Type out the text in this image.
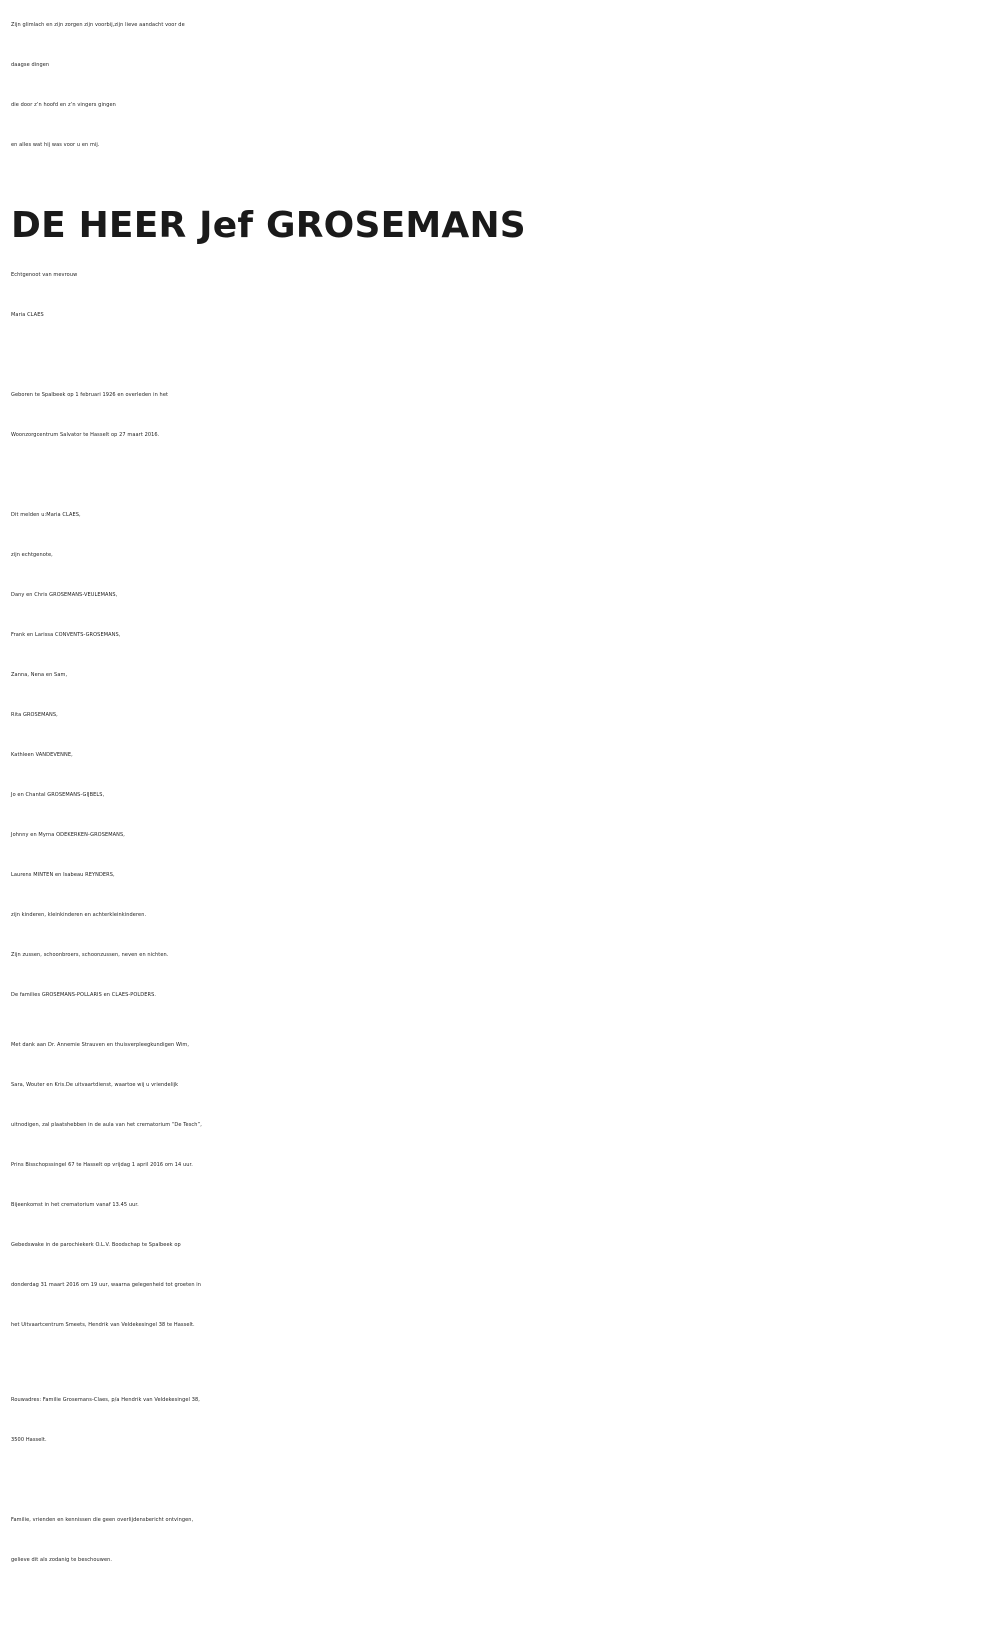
Zijn glimlach en zijn zorgen zijn voorbij,zijn lieve aandacht voor de
daagse dingen
die door z’n hoofd en z’n vingers gingen
en alles wat hij was voor u en mij.
DE HEER Jef GROSEMANS
Echtgenoot van mevrouw
Maria CLAES
Geboren te Spalbeek op 1 februari 1926 en overleden in het
Woonzorgcentrum Salvator te Hasselt op 27 maart 2016.
Dit melden u:Maria CLAES,
zijn echtgenote,
Dany en Chris GROSEMANS-VEULEMANS,
Frank en Larissa CONVENTS-GROSEMANS,
Zanna, Nena en Sam,
Rita GROSEMANS,
Kathleen VANDEVENNE,
Jo en Chantal GROSEMANS-GIJBELS,
Johnny en Myrna ODEKERKEN-GROSEMANS,
Laurens MINTEN en Isabeau REYNDERS,
zijn kinderen, kleinkinderen en achterkleinkinderen.
Zijn zussen, schoonbroers, schoonzussen, neven en nichten.
De families GROSEMANS-POLLARIS en CLAES-POLDERS.
Met dank aan Dr. Annemie Strauven en thuisverpleegkundigen Wim,
Sara, Wouter en Kris.De uitvaartdienst, waartoe wij u vriendelijk
uitnodigen, zal plaatshebben in de aula van het crematorium “De Tesch”,
Prins Bisschopssingel 67 te Hasselt op vrijdag 1 april 2016 om 14 uur.
Bijeenkomst in het crematorium vanaf 13.45 uur.
Gebedswake in de parochiekerk O.L.V. Boodschap te Spalbeek op
donderdag 31 maart 2016 om 19 uur, waarna gelegenheid tot groeten in
het Uitvaartcentrum Smeets, Hendrik van Veldekesingel 38 te Hasselt.
Rouwadres: Familie Grosemans-Claes, p/a Hendrik van Veldekesingel 38,
3500 Hasselt.
Familie, vrienden en kennissen die geen overlijdensbericht ontvingen,
gelieve dit als zodanig te beschouwen.
